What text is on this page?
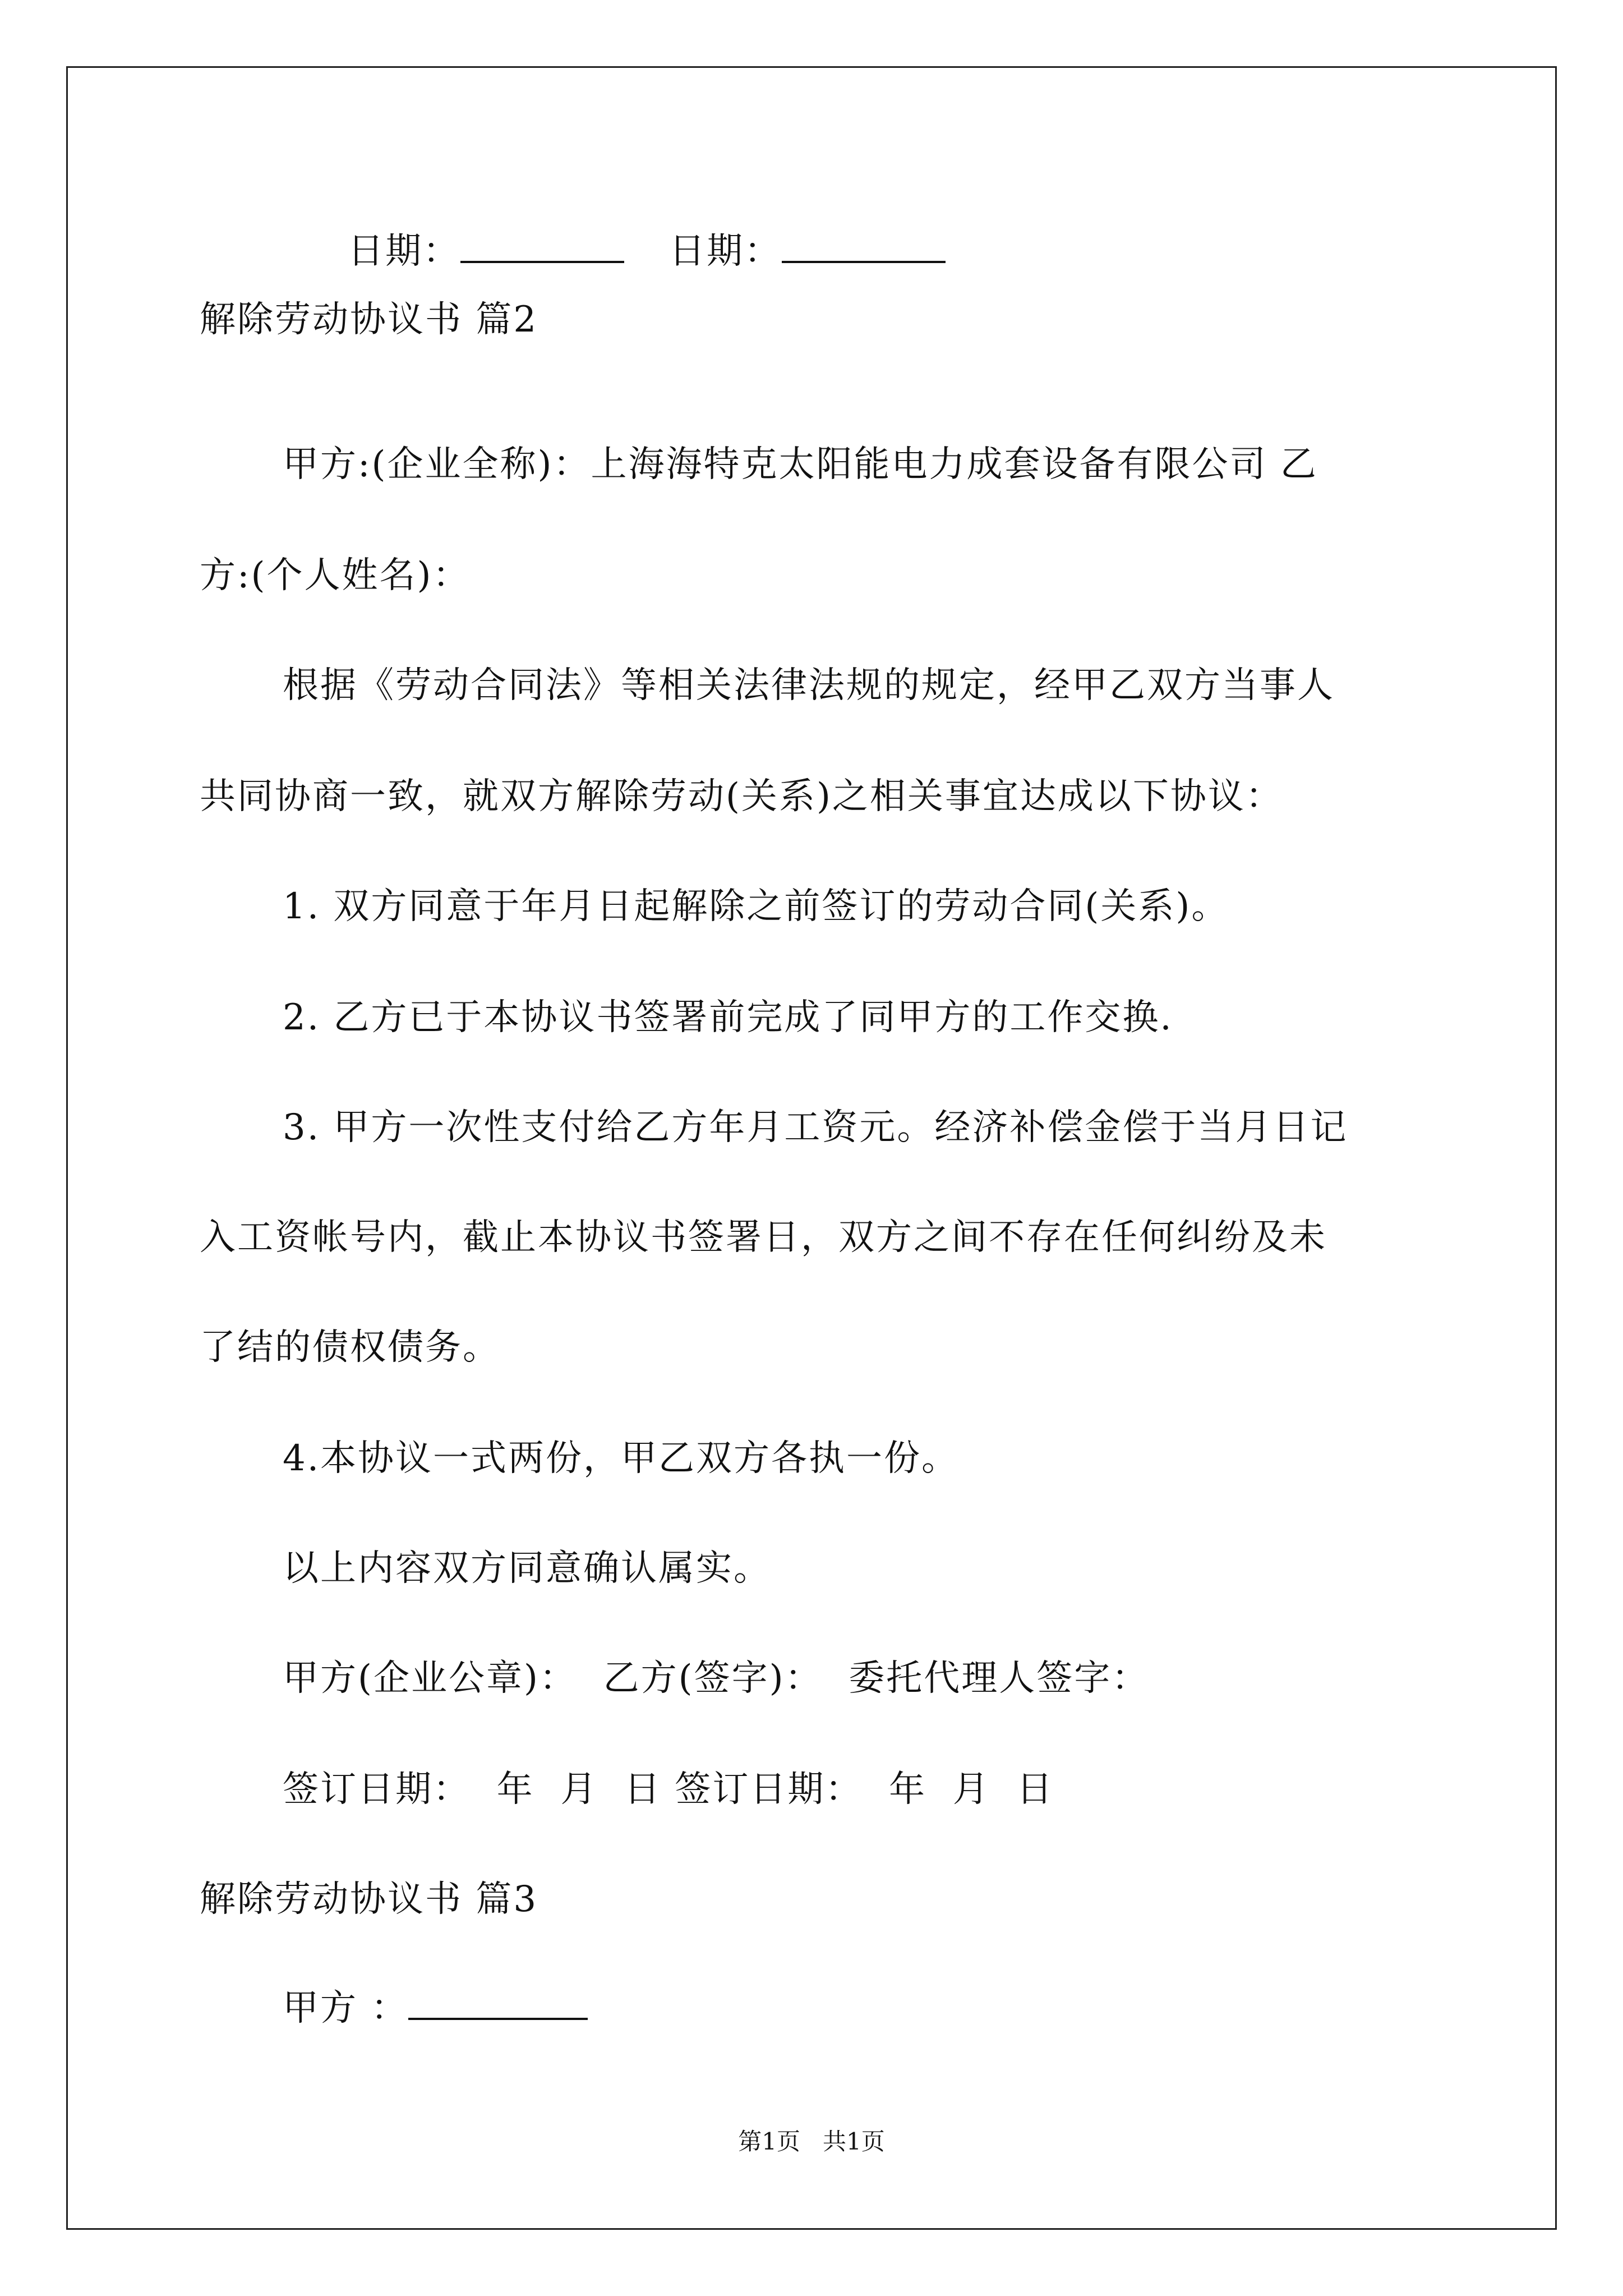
日期：	日期：
解除劳动协议书 篇2
甲方:(企业全称)：上海海特克太阳能电力成套设备有限公司 乙
方:(个人姓名)：
根据《劳动合同法》等相关法律法规的规定，经甲乙双方当事人
共同协商一致，就双方解除劳动(关系)之相关事宜达成以下协议：
1. 双方同意于年月日起解除之前签订的劳动合同(关系)。
2. 乙方已于本协议书签署前完成了同甲方的工作交换.
3. 甲方一次性支付给乙方年月工资元。经济补偿金偿于当月日记
入工资帐号内，截止本协议书签署日，双方之间不存在任何纠纷及未
了结的债权债务。
4.本协议一式两份，甲乙双方各执一份。
以上内容双方同意确认属实。
甲方(企业公章)：  乙方(签字)：  委托代理人签字：
签订日期：  年  月  日 签订日期：  年  月  日
解除劳动协议书 篇3
甲方 ：
第1页   共1页
